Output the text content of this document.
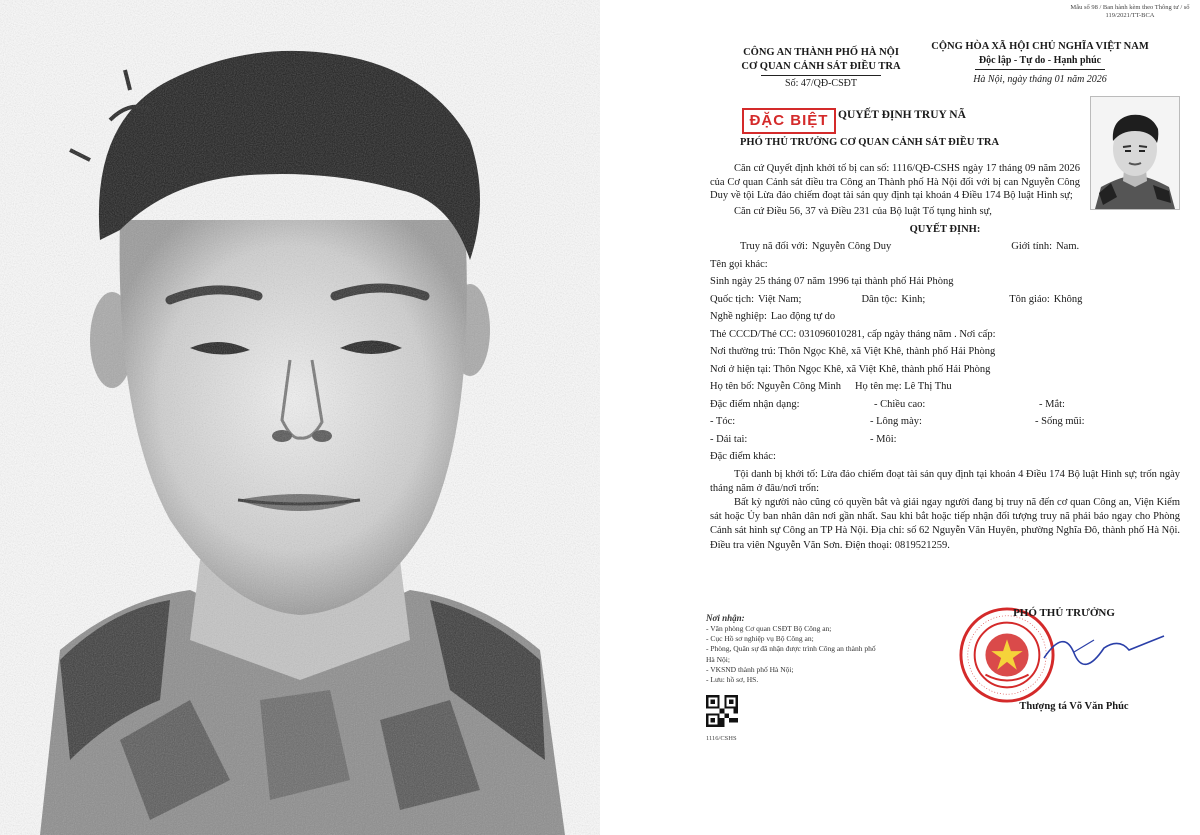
Mẫu số 98 / Ban hành kèm theo Thông tư / số 119/2021/TT-BCA
CÔNG AN THÀNH PHỐ HÀ NỘI
CƠ QUAN CẢNH SÁT ĐIỀU TRA
Số: 47/QĐ-CSĐT
CỘNG HÒA XÃ HỘI CHỦ NGHĨA VIỆT NAM
Độc lập - Tự do - Hạnh phúc
Hà Nội, ngày tháng 01 năm 2026
ĐẶC BIỆT QUYẾT ĐỊNH TRUY NÃ
PHÓ THỦ TRƯỞNG CƠ QUAN CẢNH SÁT ĐIỀU TRA

Căn cứ Quyết định khởi tố bị can số: 1116/QĐ-CSHS ngày 17 tháng 09 năm 2026 của Cơ quan Cảnh sát điều tra Công an Thành phố Hà Nội đối với bị can Nguyễn Công Duy về tội Lừa đảo chiếm đoạt tài sản quy định tại khoản 4 Điều 174 Bộ luật Hình sự;

Căn cứ Điều 56, 37 và Điều 231 của Bộ luật Tố tụng hình sự,

QUYẾT ĐỊNH:
Truy nã đối với: Nguyễn Công Duy	Giới tính: Nam.
Tên gọi khác:
Sinh ngày 25 tháng 07 năm 1996 tại thành phố Hải Phòng
Quốc tịch: Việt Nam;	Dân tộc: Kinh;	Tôn giáo: Không
Nghề nghiệp: Lao động tự do
Thẻ CCCD/Thẻ CC: 031096010281, cấp ngày tháng năm . Nơi cấp:
Nơi thường trú: Thôn Ngọc Khê, xã Việt Khê, thành phố Hải Phòng
Nơi ở hiện tại: Thôn Ngọc Khê, xã Việt Khê, thành phố Hải Phòng
Họ tên bố: Nguyễn Công Minh Họ tên mẹ: Lê Thị Thu
Đặc điểm nhận dạng:	- Chiều cao:	- Mắt:
- Tóc:	- Lông mày:	- Sống mũi:
- Dái tai:	- Môi:
Đặc điểm khác:

Tội danh bị khởi tố: Lừa đảo chiếm đoạt tài sản quy định tại khoản 4 Điều 174 Bộ luật Hình sự; trốn ngày tháng năm ở đâu/nơi trốn:

Bất kỳ người nào cũng có quyền bắt và giải ngay người đang bị truy nã đến cơ quan Công an, Viện Kiểm sát hoặc Ủy ban nhân dân nơi gần nhất. Sau khi bắt hoặc tiếp nhận đối tượng truy nã phải báo ngay cho Phòng Cảnh sát hình sự Công an TP Hà Nội. Địa chỉ: số 62 Nguyễn Văn Huyên, phường Nghĩa Đô, thành phố Hà Nội. Điều tra viên Nguyễn Văn Sơn. Điện thoại: 0819521259.

Nơi nhận:
- Văn phòng Cơ quan CSĐT Bộ Công an;
- Cục Hồ sơ nghiệp vụ Bộ Công an;
- Phòng, Quân sự đã nhận được trình Công an thành phố
Hà Nội;
- VKSND thành phố Hà Nội;
- Lưu: hồ sơ, HS.
1116/CSHS
PHÓ THỦ TRƯỞNG
Thượng tá Võ Văn Phúc
